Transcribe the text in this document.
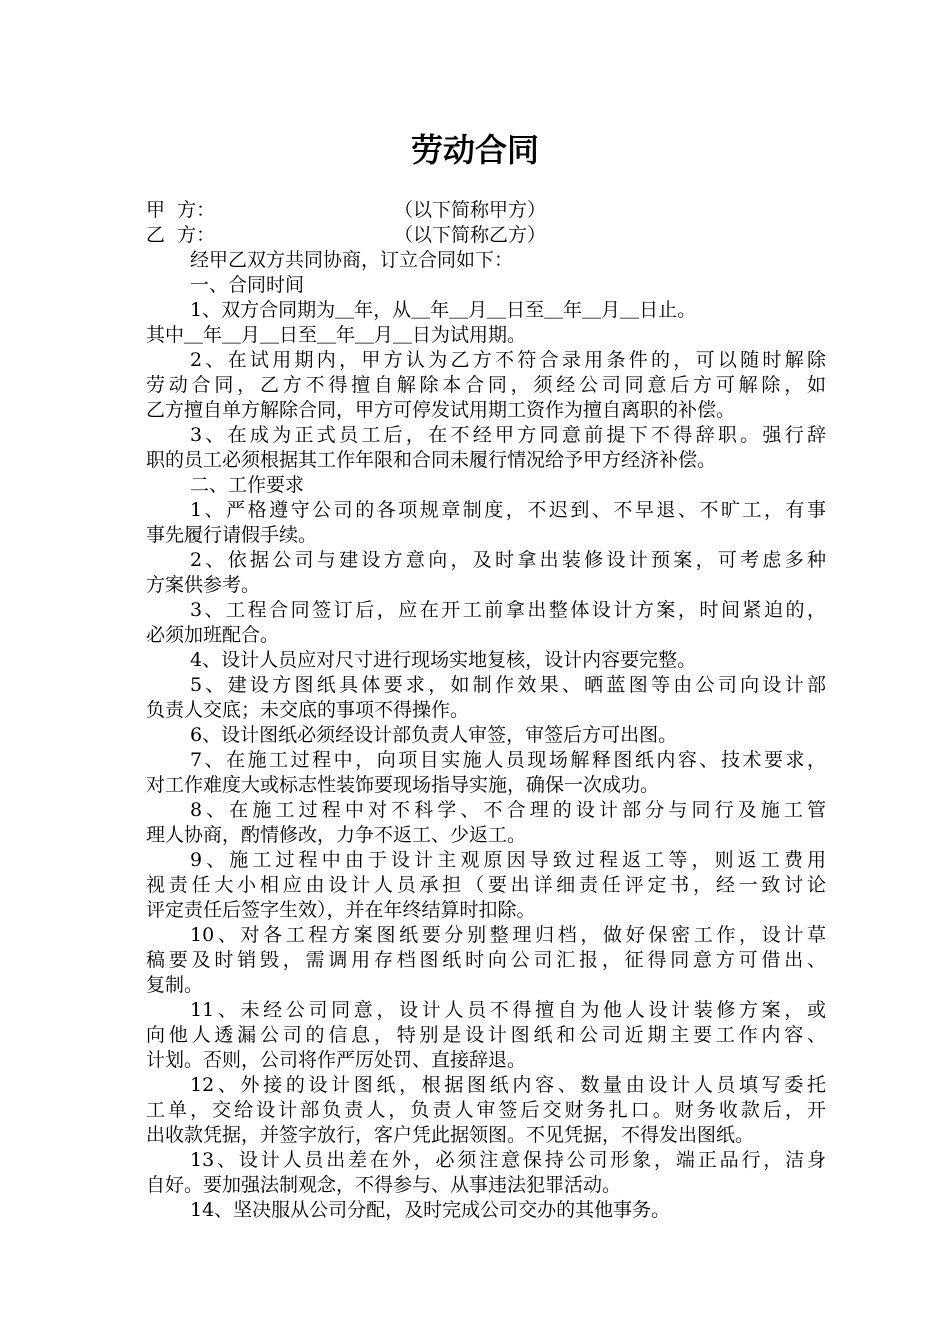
劳动合同
甲  方：	（以下简称甲方）
乙  方：	（以下简称乙方）
经甲乙双方共同协商，订立合同如下：
一、合同时间
1、双方合同期为＿年，从＿年＿月＿日至＿年＿月＿日止。
其中＿年＿月＿日至＿年＿月＿日为试用期。
2、在试用期内，甲方认为乙方不符合录用条件的，可以随时解除
劳动合同，乙方不得擅自解除本合同，须经公司同意后方可解除，如
乙方擅自单方解除合同，甲方可停发试用期工资作为擅自离职的补偿。
3、在成为正式员工后，在不经甲方同意前提下不得辞职。强行辞
职的员工必须根据其工作年限和合同未履行情况给予甲方经济补偿。
二、工作要求
1、严格遵守公司的各项规章制度，不迟到、不早退、不旷工，有事
事先履行请假手续。
2、依据公司与建设方意向，及时拿出装修设计预案，可考虑多种
方案供参考。
3、工程合同签订后，应在开工前拿出整体设计方案，时间紧迫的，
必须加班配合。
4、设计人员应对尺寸进行现场实地复核，设计内容要完整。
5、建设方图纸具体要求，如制作效果、晒蓝图等由公司向设计部
负责人交底；未交底的事项不得操作。
6、设计图纸必须经设计部负责人审签，审签后方可出图。
7、在施工过程中，向项目实施人员现场解释图纸内容、技术要求，
对工作难度大或标志性装饰要现场指导实施，确保一次成功。
8、在施工过程中对不科学、不合理的设计部分与同行及施工管
理人协商，酌情修改，力争不返工、少返工。
9、施工过程中由于设计主观原因导致过程返工等，则返工费用
视责任大小相应由设计人员承担（要出详细责任评定书，经一致讨论
评定责任后签字生效），并在年终结算时扣除。
10、对各工程方案图纸要分别整理归档，做好保密工作，设计草
稿要及时销毁，需调用存档图纸时向公司汇报，征得同意方可借出、
复制。
11、未经公司同意，设计人员不得擅自为他人设计装修方案，或
向他人透漏公司的信息，特别是设计图纸和公司近期主要工作内容、
计划。否则，公司将作严厉处罚、直接辞退。
12、外接的设计图纸，根据图纸内容、数量由设计人员填写委托
工单，交给设计部负责人，负责人审签后交财务扎口。财务收款后，开
出收款凭据，并签字放行，客户凭此据领图。不见凭据，不得发出图纸。
13、设计人员出差在外，必须注意保持公司形象，端正品行，洁身
自好。要加强法制观念，不得参与、从事违法犯罪活动。
14、坚决服从公司分配，及时完成公司交办的其他事务。
